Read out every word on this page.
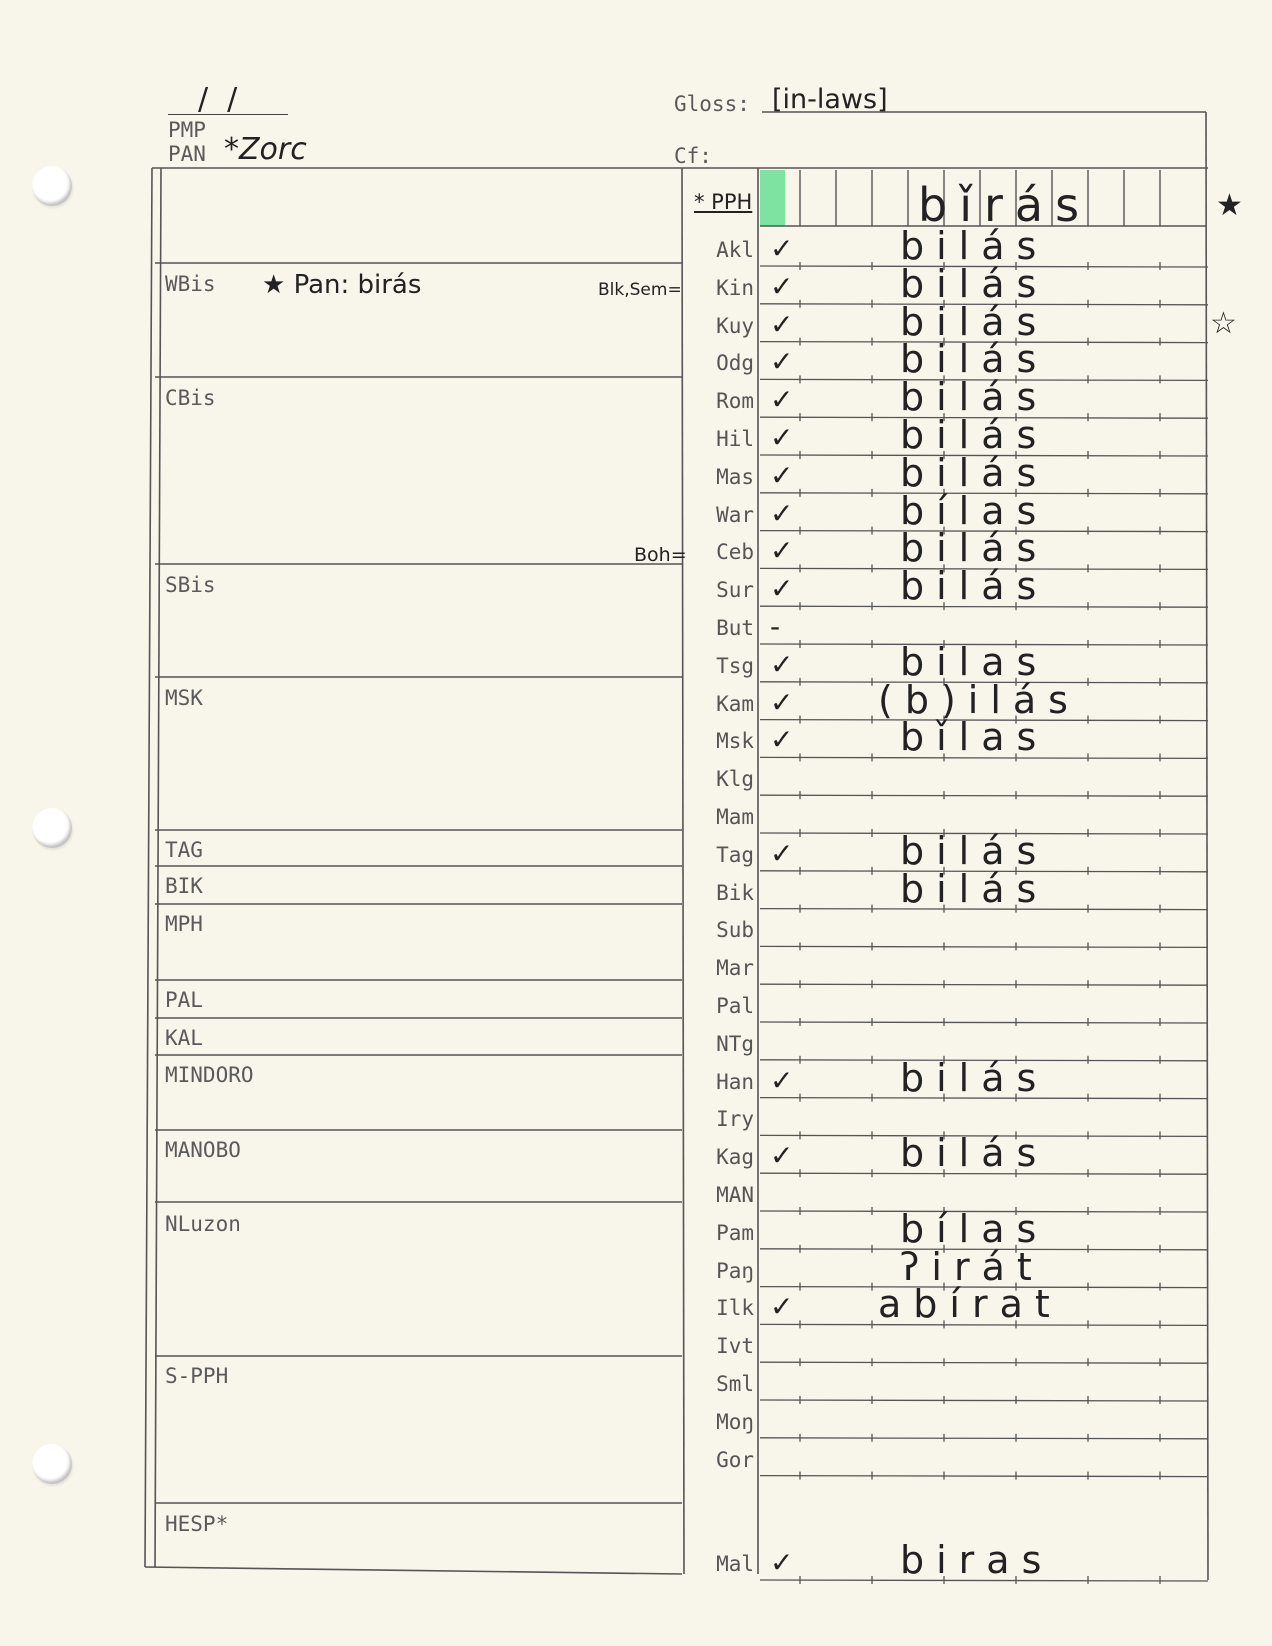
/  /
PMP
PAN *Zorc
Gloss: [in-laws]
Cf:
* PPH	bǐrás	★
★ Pan: birás	Blk,Sem=
Boh=
WBis
CBis
SBis
MSK
TAG
BIK
MPH
PAL
KAL
MINDORO
MANOBO
NLuzon
S-PPH
HESP*
Akl ✓	bilás
Kin ✓	bilás
Kuy ✓	bilás	☆
Odg ✓	bilás
Rom ✓	bilás
Hil ✓	bilás
Mas ✓	bilás
War ✓	bílas
Ceb ✓	bilás
Sur ✓	bilás
But -
Tsg ✓	bilas
Kam ✓ (b)ilás
Msk ✓	bǐlas
Klg
Mam
Tag ✓	bilás
Bik	bilás
Sub
Mar
Pal
NTg
Han ✓	bilás
Iry
Kag ✓	bilás
MAN
Pam	bílas
Paŋ	ʔirát
Ilk ✓ abírat
Ivt
Sml
Moŋ
Gor
Mal ✓	biras
